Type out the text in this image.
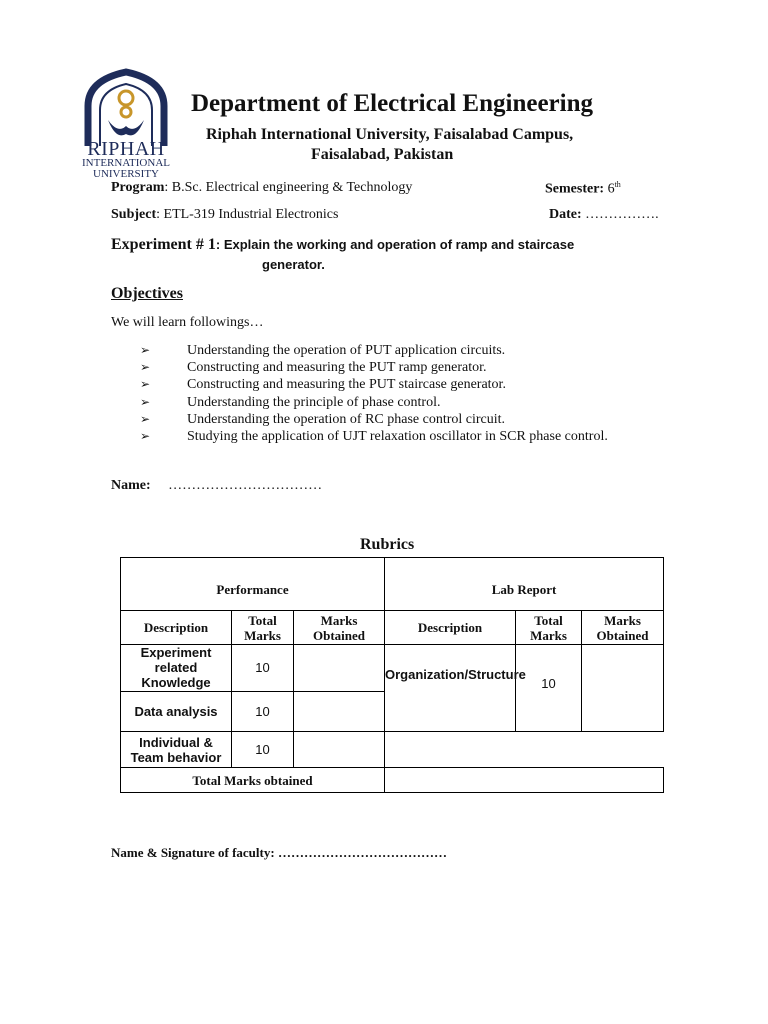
RIPHAH
INTERNATIONAL
UNIVERSITY
Department of Electrical Engineering
Riphah International University, Faisalabad Campus,
Faisalabad, Pakistan
Program: B.Sc. Electrical engineering & Technology	Semester: 6th
Subject: ETL-319 Industrial Electronics	Date: …………….
Experiment # 1: Explain the working and operation of ramp and staircase
generator.
Objectives
We will learn followings…
➢	Understanding the operation of PUT application circuits.
➢	Constructing and measuring the PUT ramp generator.
➢	Constructing and measuring the PUT staircase generator.
➢	Understanding the principle of phase control.
➢	Understanding the operation of RC phase control circuit.
➢	Studying the application of UJT relaxation oscillator in SCR phase control.
Name: ……………………………
Rubrics
Performance			Lab Report		
Description	Total Marks	Marks Obtained	Description	Total Marks	Marks Obtained
Experiment related Knowledge	10		Organization/Structure	10	
Data analysis	10				
Individual & Team behavior	10			
Total Marks obtained					
Name & Signature of faculty: …………………………………
